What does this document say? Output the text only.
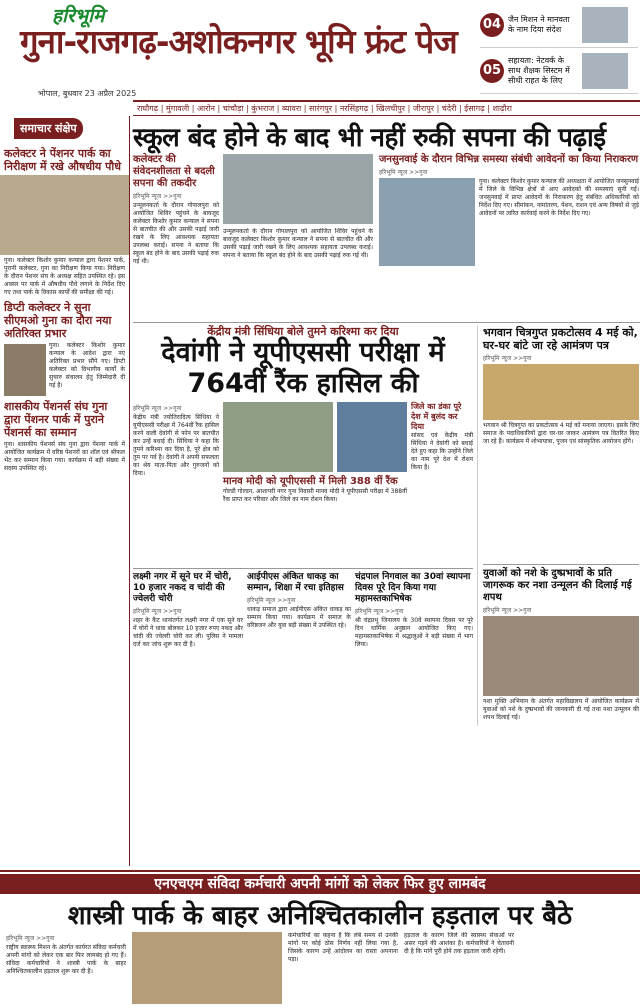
हरिभूमि
गुना-राजगढ़-अशोकनगर भूमि फ्रंट पेज
भोपाल, बुधवार 23 अप्रैल 2025
04 जैन मिशन ने मानवता के नाम दिया संदेश
05
सहायता: नेटवर्क के साथ शैक्षक सिस्टम में सीधी राहत के लिए
राघौगढ़ | मुंगावली | आरोन | चांचौड़ा | कुंभराज | ब्यावरा | सारंगपुर | नरसिंहगढ़ | खिलचीपुर | जीरापुर | चंदेरी | ईसागढ़ | शाढ़ौरा
समाचार संक्षेप
कलेक्टर ने पेंशनर पार्क का निरीक्षण में रखे औषधीय पौधे
गुना। कलेक्टर किशोर कुमार कन्याल द्वारा पेंशनर पार्क, पुरानी कलेक्टर, गुना का निरीक्षण किया गया। निरीक्षण के दौरान पेंशनर संघ के अध्यक्ष सहित उपस्थित रहे। इस अवसर पर पार्क में औषधीय पौधे लगाने के निर्देश दिए गए तथा पार्क के विकास कार्यों की समीक्षा की गई।
डिप्टी कलेक्टर ने सुना सीएमओ गुना का दौरा नया अतिरिक्त प्रभार
गुना। कलेक्टर किशोर कुमार कन्याल के आदेश द्वारा नए अतिरिक्त प्रभार सौंपे गए। डिप्टी कलेक्टर को विभागीय कार्यों के सुचारु संचालन हेतु जिम्मेदारी दी गई है।
शासकीय पेंशनर्स संघ गुना द्वारा पेंशनर पार्क में पुराने पेंशनर्स का सम्मान
गुना। शासकीय पेंशनर्स संघ गुना द्वारा पेंशनर पार्क में आयोजित कार्यक्रम में वरिष्ठ पेंशनरों का शॉल एवं श्रीफल भेंट कर सम्मान किया गया। कार्यक्रम में बड़ी संख्या में सदस्य उपस्थित रहे।
स्कूल बंद होने के बाद भी नहीं रुकी सपना की पढ़ाई
कलेक्टर की संवेदनशीलता से बदली सपना की तकदीर
हरिभूमि न्यूज >>गुना
उन्मूलनकर्ता के दौरान गोपालपुरा को आयोजित शिविर पहुंचने के बावजूद कलेक्टर किशोर कुमार कन्याल ने सपना से बातचीत की और उसकी पढ़ाई जारी रखने के लिए आवश्यक सहायता उपलब्ध कराई। सपना ने बताया कि स्कूल बंद होने के बाद उसकी पढ़ाई रुक गई थी।
उन्मूलनकर्ता के दौरान गोपालपुरा को आयोजित शिविर पहुंचने के बावजूद कलेक्टर किशोर कुमार कन्याल ने सपना से बातचीत की और उसकी पढ़ाई जारी रखने के लिए आवश्यक सहायता उपलब्ध कराई। सपना ने बताया कि स्कूल बंद होने के बाद उसकी पढ़ाई रुक गई थी।
जनसुनवाई के दौरान विभिन्न समस्या संबंधी आवेदनों का किया निराकरण
हरिभूमि न्यूज >>गुना
गुना। कलेक्टर किशोर कुमार कन्याल की अध्यक्षता में आयोजित जनसुनवाई में जिले के विभिन्न क्षेत्रों से आए आवेदकों की समस्याएं सुनी गईं। जनसुनवाई में प्राप्त आवेदनों के निराकरण हेतु संबंधित अधिकारियों को निर्देश दिए गए। सीमांकन, नामांतरण, पेंशन, राशन एवं अन्य विषयों से जुड़े आवेदनों पर त्वरित कार्रवाई करने के निर्देश दिए गए।
केंद्रीय मंत्री सिंधिया बोले तुमने करिश्मा कर दिया
देवांगी ने यूपीएससी परीक्षा में 764वीं रैंक हासिल की
हरिभूमि न्यूज >>गुना
केंद्रीय मंत्री ज्योतिरादित्य सिंधिया ने यूपीएससी परीक्षा में 764वीं रैंक हासिल करने वाली देवांगी से फोन पर बातचीत कर उन्हें बधाई दी। सिंधिया ने कहा कि तुमने करिश्मा कर दिया है, पूरे क्षेत्र को तुम पर गर्व है। देवांगी ने अपनी सफलता का श्रेय माता-पिता और गुरुजनों को दिया।
जिले का डंका पूरे देश में बुलंद कर दिया
सांसद एवं केंद्रीय मंत्री सिंधिया ने देवांगी को बधाई देते हुए कहा कि उन्होंने जिले का नाम पूरे देश में रोशन किया है।
मानव मोदी को यूपीएससी में मिली 388 वीं रैंक
गोल्डी गोल्डन, आशापरी नगर गुना निवासी मानव मोदी ने यूपीएससी परीक्षा में 388वीं रैंक प्राप्त कर परिवार और जिले का नाम रोशन किया।
भगवान चित्रगुप्त प्रकटोत्सव 4 मई को, घर-घर बांटे जा रहे आमंत्रण पत्र
हरिभूमि न्यूज >>गुना
भगवान श्री चित्रगुप्त का प्रकटोत्सव 4 मई को मनाया जाएगा। इसके लिए समाज के पदाधिकारियों द्वारा घर-घर जाकर आमंत्रण पत्र वितरित किए जा रहे हैं। कार्यक्रम में शोभायात्रा, पूजन एवं सांस्कृतिक आयोजन होंगे।
युवाओं को नशे के दुष्प्रभावों के प्रति जागरूक कर नशा उन्मूलन की दिलाई गई शपथ
हरिभूमि न्यूज >>गुना
नशा मुक्ति अभियान के अंतर्गत महाविद्यालय में आयोजित कार्यक्रम में युवाओं को नशे के दुष्प्रभावों की जानकारी दी गई तथा नशा उन्मूलन की शपथ दिलाई गई।
लक्ष्मी नगर में सूने घर में चोरी, 10 हजार नकद व चांदी की ज्वेलरी चोरी
हरिभूमि न्यूज >>गुना
शहर के कैंट थानांतर्गत लक्ष्मी नगर में एक सूने घर में चोरों ने धावा बोलकर 10 हजार रुपए नकद और चांदी की ज्वेलरी चोरी कर ली। पुलिस ने मामला दर्ज कर जांच शुरू कर दी है।
आईपीएस अंकित धाकड़ का सम्मान, शिक्षा में रचा इतिहास
हरिभूमि न्यूज >>गुना
धाकड़ समाज द्वारा आईपीएस अंकित धाकड़ का सम्मान किया गया। कार्यक्रम में समाज के वरिष्ठजन और युवा बड़ी संख्या में उपस्थित रहे।
चंद्रपाल निगवाल का 30वां स्थापना दिवस पूरे दिन किया गया महामस्तकाभिषेक
हरिभूमि न्यूज >>गुना
श्री चंद्रप्रभु जिनालय के 30वें स्थापना दिवस पर पूरे दिन धार्मिक अनुष्ठान आयोजित किए गए। महामस्तकाभिषेक में श्रद्धालुओं ने बड़ी संख्या में भाग लिया।
एनएचएम संविदा कर्मचारी अपनी मांगों को लेकर फिर हुए लामबंद
शास्त्री पार्क के बाहर अनिश्चितकालीन हड़ताल पर बैठे
हरिभूमि न्यूज >>गुना
राष्ट्रीय स्वास्थ्य मिशन के अंतर्गत कार्यरत संविदा कर्मचारी अपनी मांगों को लेकर एक बार फिर लामबंद हो गए हैं। संविदा कर्मचारियों ने शास्त्री पार्क के बाहर अनिश्चितकालीन हड़ताल शुरू कर दी है।
कर्मचारियों का कहना है कि लंबे समय से उनकी मांगों पर कोई ठोस निर्णय नहीं लिया गया है, जिसके कारण उन्हें आंदोलन का रास्ता अपनाना पड़ा।
हड़ताल के कारण जिले की स्वास्थ्य सेवाओं पर असर पड़ने की आशंका है। कर्मचारियों ने चेतावनी दी है कि मांगें पूरी होने तक हड़ताल जारी रहेगी।
